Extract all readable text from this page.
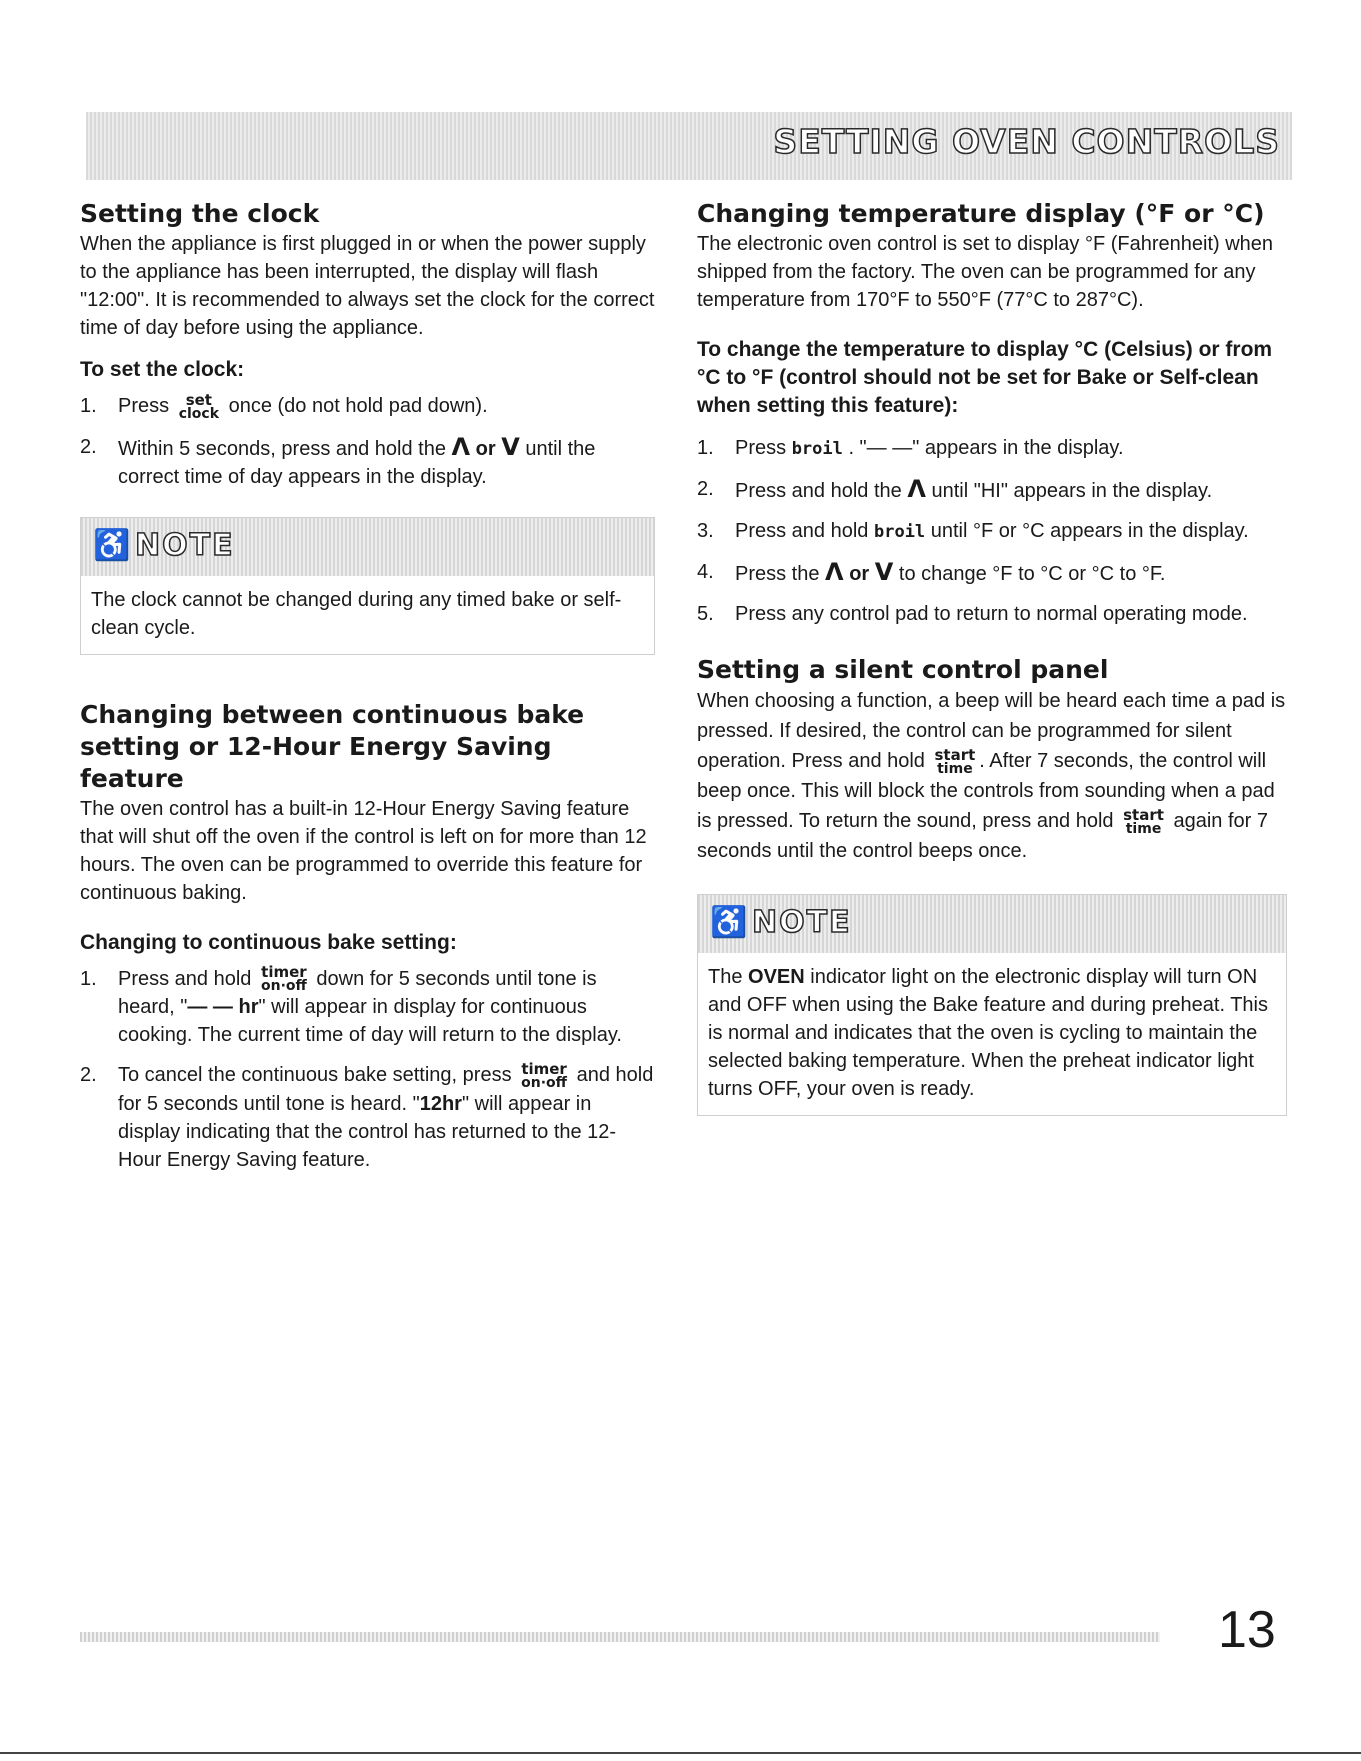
SETTING OVEN CONTROLS
Setting the clock

When the appliance is first plugged in or when the power supply to the appliance has been interrupted, the display will flash "12:00". It is recommended to always set the clock for the correct time of day before using the appliance.

To set the clock:
1.	Press	set
clock once (do not hold pad down).
2.	Within 5 seconds, press and hold the Λ or V until the correct time of day appears in the display.
♿ NOTE
The clock cannot be changed during any timed bake or self-clean cycle.
Changing between continuous bake setting or 12-Hour Energy Saving feature

The oven control has a built-in 12-Hour Energy Saving feature that will shut off the oven if the control is left on for more than 12 hours. The oven can be programmed to override this feature for continuous baking.

Changing to continuous bake setting:
1.	Press and hold timer
on·off down for 5 seconds until tone is heard, "— — hr" will appear in display for continuous cooking. The current time of day will return to the display.
2.	To cancel the continuous bake setting, press timer
on·off and hold for 5 seconds until tone is heard. "12hr" will appear in display indicating that the control has returned to the 12-Hour Energy Saving feature.
Changing temperature display (°F or °C)

The electronic oven control is set to display °F (Fahrenheit) when shipped from the factory. The oven can be programmed for any temperature from 170°F to 550°F (77°C to 287°C).

To change the temperature to display °C (Celsius) or from °C to °F (control should not be set for Bake or Self-clean when setting this feature):
1.	Press broil . "— —" appears in the display.
2.	Press and hold the Λ until "HI" appears in the display.
3.	Press and hold broil until °F or °C appears in the display.
4.	Press the Λ or V to change °F to °C or °C to °F.
5.	Press any control pad to return to normal operating mode.
Setting a silent control panel

When choosing a function, a beep will be heard each time a pad is pressed. If desired, the control can be programmed for silent operation. Press and hold start
time . After 7 seconds, the control will beep once. This will block the controls from sounding when a pad is pressed. To return the sound, press and hold start
time again for 7 seconds until the control beeps once.

♿ NOTE
The OVEN indicator light on the electronic display will turn ON and OFF when using the Bake feature and during preheat. This is normal and indicates that the oven is cycling to maintain the selected baking temperature. When the preheat indicator light turns OFF, your oven is ready.
13
